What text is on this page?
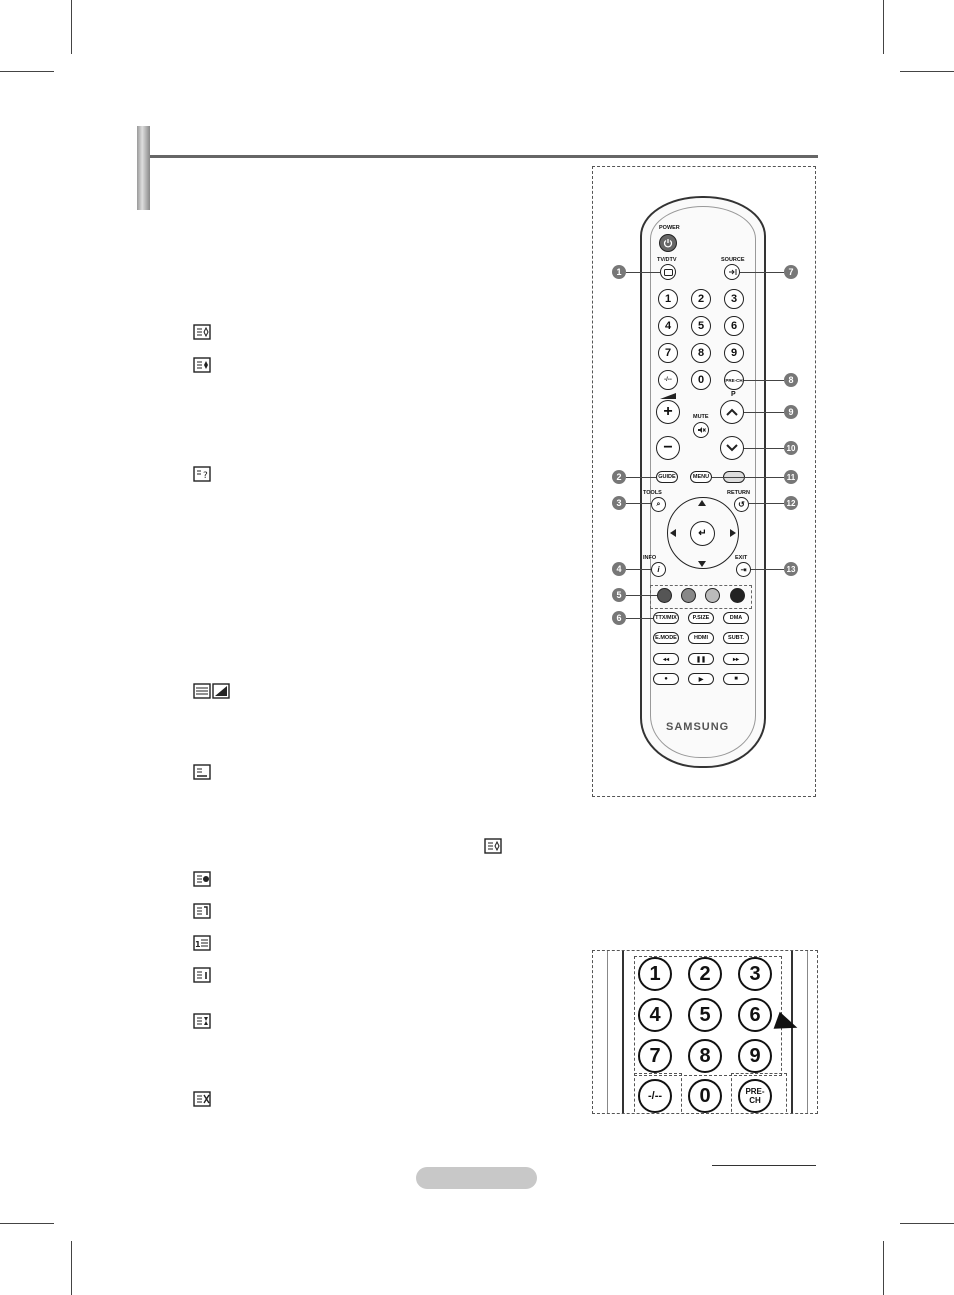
?
1
POWER
TV/DTV	SOURCE
1	2	3
4	5	6
7	8	9
-/--	0	PRE-CH
+
−
MUTE
P
GUIDE	MENU
TOOLS
⌕
RETURN
↺
↵
INFO
i
EXIT
⇥
TTX/MIX	P.SIZE	DMA
E.MODE	HDMI	SUBT.
◂◂	❚❚	▸▸
●	▶	■
SAMSUNG
1	7
8
9
10
2	11
3	12
4	13
5
6
1	2	3
4	5	6
7	8	9
-/--	0	PRE-CH
